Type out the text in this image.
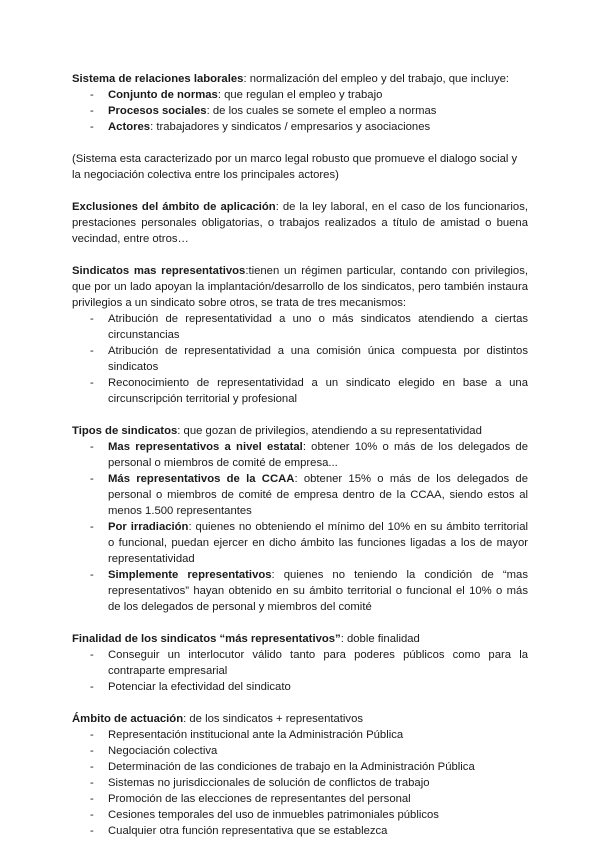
Sistema de relaciones laborales: normalización del empleo y del trabajo, que incluye:

- Conjunto de normas: que regulan el empleo y trabajo
- Procesos sociales: de los cuales se somete el empleo a normas
- Actores: trabajadores y sindicatos / empresarios y asociaciones

(Sistema esta caracterizado por un marco legal robusto que promueve el dialogo social y la negociación colectiva entre los principales actores)

Exclusiones del ámbito de aplicación: de la ley laboral, en el caso de los funcionarios, prestaciones personales obligatorias, o trabajos realizados a título de amistad o buena vecindad, entre otros…

Sindicatos mas representativos:tienen un régimen particular, contando con privilegios, que por un lado apoyan la implantación/desarrollo de los sindicatos, pero también instaura privilegios a un sindicato sobre otros, se trata de tres mecanismos:

- Atribución de representatividad a uno o más sindicatos atendiendo a ciertas circunstancias
- Atribución de representatividad a una comisión única compuesta por distintos sindicatos
- Reconocimiento de representatividad a un sindicato elegido en base a una circunscripción territorial y profesional

Tipos de sindicatos: que gozan de privilegios, atendiendo a su representatividad

- Mas representativos a nivel estatal: obtener 10% o más de los delegados de personal o miembros de comité de empresa...
- Más representativos de la CCAA: obtener 15% o más de los delegados de personal o miembros de comité de empresa dentro de la CCAA, siendo estos al menos 1.500 representantes
- Por irradiación: quienes no obteniendo el mínimo del 10% en su ámbito territorial o funcional, puedan ejercer en dicho ámbito las funciones ligadas a los de mayor representatividad
- Simplemente representativos: quienes no teniendo la condición de “mas representativos” hayan obtenido en su ámbito territorial o funcional el 10% o más de los delegados de personal y miembros del comité

Finalidad de los sindicatos “más representativos”: doble finalidad

- Conseguir un interlocutor válido tanto para poderes públicos como para la contraparte empresarial
- Potenciar la efectividad del sindicato

Ámbito de actuación: de los sindicatos + representativos

- Representación institucional ante la Administración Pública
- Negociación colectiva
- Determinación de las condiciones de trabajo en la Administración Pública
- Sistemas no jurisdiccionales de solución de conflictos de trabajo
- Promoción de las elecciones de representantes del personal
- Cesiones temporales del uso de inmuebles patrimoniales públicos
- Cualquier otra función representativa que se establezca
